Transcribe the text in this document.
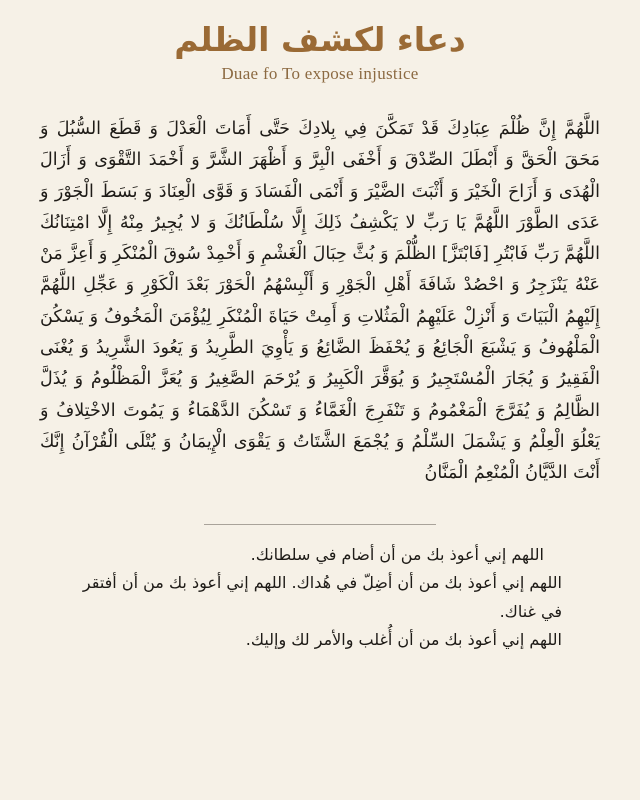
دعاء لكشف الظلم
Duae fo To expose injustice
اللَّهُمَّ إِنَّ ظُلْمَ عِبَادِكَ قَدْ تَمَكَّنَ فِي بِلادِكَ حَتَّى أَمَاتَ الْعَدْلَ وَ قَطَعَ السُّبُلَ وَ مَحَقَ الْحَقَّ وَ أَبْطَلَ الصِّدْقَ وَ أَخْفَى الْبِرَّ وَ أَظْهَرَ الشَّرَّ وَ أَخْمَدَ التَّقْوَى وَ أَزَالَ الْهُدَى وَ أَزَاحَ الْخَيْرَ وَ أَثْبَتَ الضَّيْرَ وَ أَنْمَى الْفَسَادَ وَ قَوَّى الْعِنَادَ وَ بَسَطَ الْجَوْرَ وَ عَدَى الطَّوْرَ اللَّهُمَّ يَا رَبِّ لا يَكْشِفُ ذَلِكَ إِلَّا سُلْطَانُكَ وَ لا يُجِيرُ مِنْهُ إِلَّا امْتِنَانُكَ اللَّهُمَّ رَبِّ فَابْتُرِ [فَابْتَزَّ] الظُّلْمَ وَ بُثَّ حِبَالَ الْغَشْمِ وَ أَخْمِدْ سُوقَ الْمُنْكَرِ وَ أَعِزَّ مَنْ عَنْهُ يَنْزَجِرُ وَ احْصُدْ شَافَةَ أَهْلِ الْجَوْرِ وَ أَلْبِسْهُمُ الْحَوْرَ بَعْدَ الْكَوْرِ وَ عَجِّلِ اللَّهُمَّ إِلَيْهِمُ الْبَيَاتَ وَ أَنْزِلْ عَلَيْهِمُ الْمَثُلاتِ وَ أَمِتْ حَيَاةَ الْمُنْكَرِ لِيُؤْمَنَ الْمَخُوفُ وَ يَسْكُنَ الْمَلْهُوفُ وَ يَشْبَعَ الْجَائِعُ وَ يُحْفَظَ الضَّائِعُ وَ يَأْوِيَ الطَّرِيدُ وَ يَعُودَ الشَّرِيدُ وَ يُغْنَى الْفَقِيرُ وَ يُجَارَ الْمُسْتَجِيرُ وَ يُوَقَّرَ الْكَبِيرُ وَ يُرْحَمَ الصَّغِيرُ وَ يُعَزَّ الْمَظْلُومُ وَ يُذَلَّ الظَّالِمُ وَ يُفَرَّجَ الْمَغْمُومُ وَ تَنْفَرِجَ الْغَمَّاءُ وَ تَسْكُنَ الدَّهْمَاءُ وَ يَمُوتَ الاخْتِلافُ وَ يَعْلُوَ الْعِلْمُ وَ يَشْمَلَ السِّلْمُ وَ يُجْمَعَ الشَّتَاتُ وَ يَقْوَى الْإِيمَانُ وَ يُتْلَى الْقُرْآنُ إِنَّكَ أَنْتَ الدَّيَّانُ الْمُنْعِمُ الْمَنَّانُ

اللهم إني أعوذ بك من أن أضام في سلطانك.

اللهم إني أعوذ بك من أن أضِلّ في هُداك. اللهم إني أعوذ بك من أن أفتقر في غناك.

اللهم إني أعوذ بك من أن أُغلب والأمر لك وإليك.
